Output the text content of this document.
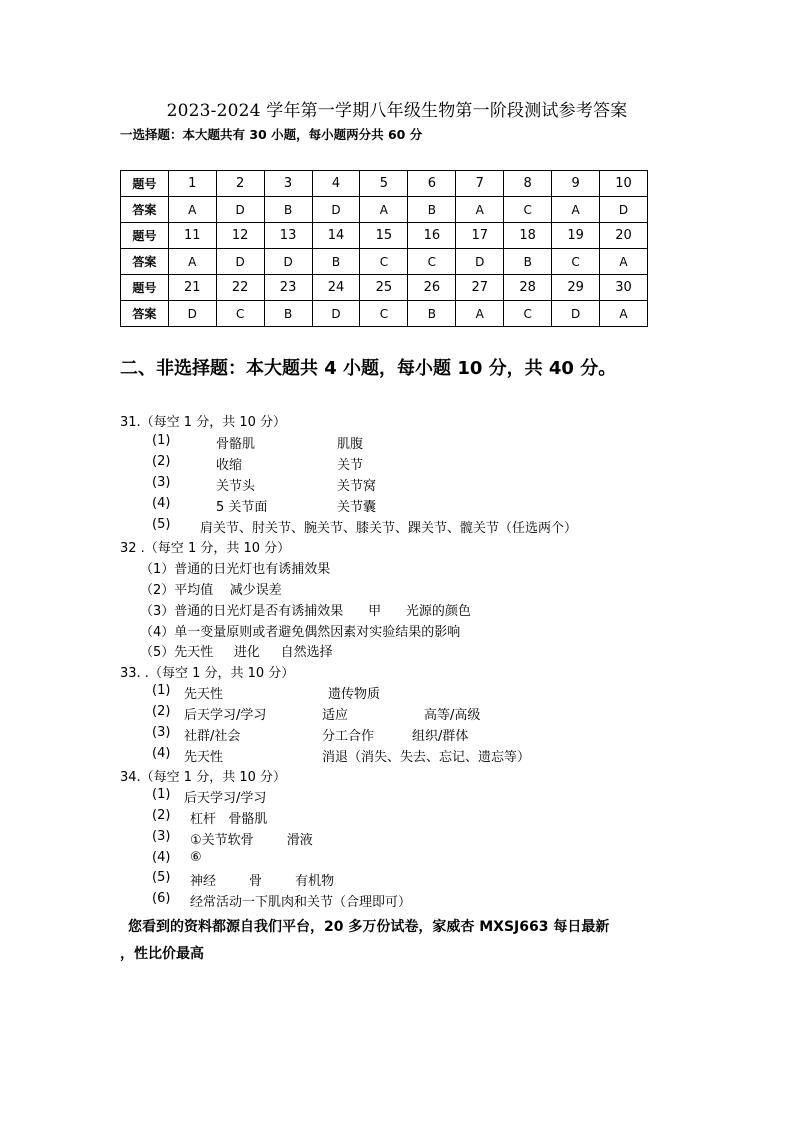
2023-2024 学年第一学期八年级生物第一阶段测试参考答案
一选择题：本大题共有 30 小题，每小题两分共 60 分
题号	1	2	3	4	5	6	7	8	9	10
答案	A	D	B	D	A	B	A	C	A	D
题号	11	12	13	14	15	16	17	18	19	20
答案	A	D	D	B	C	C	D	B	C	A
题号	21	22	23	24	25	26	27	28	29	30
答案	D	C	B	D	C	B	A	C	D	A
二、非选择题：本大题共 4 小题，每小题 10 分，共 40 分。
31.（每空 1 分，共 10 分）
(1)	骨骼肌	肌腹
(2)	收缩	关节
(3)	关节头	关节窝
(4)	5 关节面	关节囊
(5) 肩关节、肘关节、腕关节、膝关节、踝关节、髋关节（任选两个）
32 .（每空 1 分，共 10 分）
（1）普通的日光灯也有诱捕效果
（2）平均值    减少误差
（3）普通的日光灯是否有诱捕效果      甲      光源的颜色
（4）单一变量原则或者避免偶然因素对实验结果的影响
（5）先天性     进化     自然选择
33. .（每空 1 分，共 10 分）
(1) 先天性	遗传物质
(2) 后天学习/学习	适应	高等/高级
(3) 社群/社会	分工合作	组织/群体
(4) 先天性	消退（消失、失去、忘记、遗忘等）
34.（每空 1 分，共 10 分）
(1) 后天学习/学习
(2) 杠杆   骨骼肌
(3) ①关节软骨        滑液
(4) ⑥
(5) 神经        骨        有机物
(6) 经常活动一下肌肉和关节（合理即可）
您看到的资料都源自我们平台，20 多万份试卷，家威杏 MXSJ663 每日最新
，性比价最高
